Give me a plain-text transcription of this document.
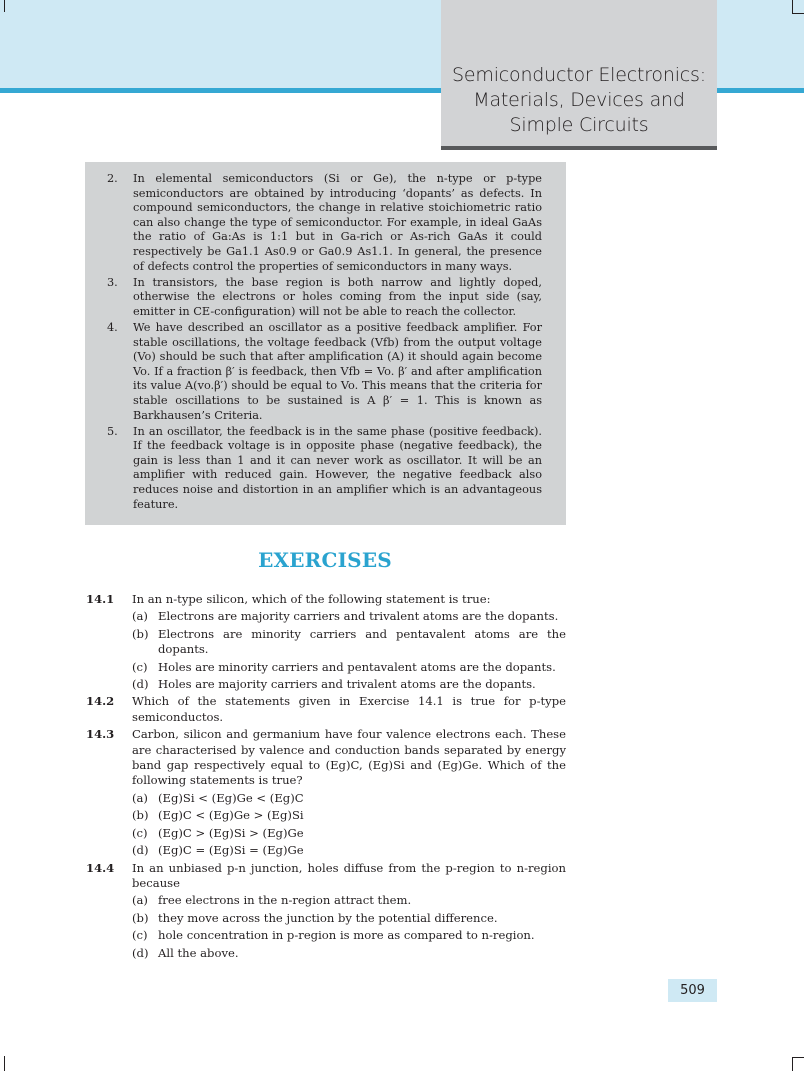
Semiconductor Electronics:
Materials, Devices and
Simple Circuits
2.	In elemental semiconductors (Si or Ge), the n-type or p-type semiconductors are obtained by introducing ‘dopants’ as defects. In compound semiconductors, the change in relative stoichiometric ratio can also change the type of semiconductor. For example, in ideal GaAs the ratio of Ga:As is 1:1 but in Ga-rich or As-rich GaAs it could respectively be Ga1.1 As0.9 or Ga0.9 As1.1. In general, the presence of defects control the properties of semiconductors in many ways.
3.	In transistors, the base region is both narrow and lightly doped, otherwise the electrons or holes coming from the input side (say, emitter in CE-configuration) will not be able to reach the collector.
4.	We have described an oscillator as a positive feedback amplifier. For stable oscillations, the voltage feedback (Vfb) from the output voltage (Vo) should be such that after amplification (A) it should again become Vo. If a fraction β′ is feedback, then Vfb = Vo. β′ and after amplification its value A(vo.β′) should be equal to Vo. This means that the criteria for stable oscillations to be sustained is A β′ = 1. This is known as Barkhausen’s Criteria.
5.	In an oscillator, the feedback is in the same phase (positive feedback). If the feedback voltage is in opposite phase (negative feedback), the gain is less than 1 and it can never work as oscillator. It will be an amplifier with reduced gain. However, the negative feedback also reduces noise and distortion in an amplifier which is an advantageous feature.
EXERCISES
14.1	In an n-type silicon, which of the following statement is true:
(a) Electrons are majority carriers and trivalent atoms are the dopants.
(b) Electrons are minority carriers and pentavalent atoms are the dopants.
(c) Holes are minority carriers and pentavalent atoms are the dopants.
(d) Holes are majority carriers and trivalent atoms are the dopants.
14.2	Which of the statements given in Exercise 14.1 is true for p-type semiconductos.
14.3	Carbon, silicon and germanium have four valence electrons each. These are characterised by valence and conduction bands separated by energy band gap respectively equal to (Eg)C, (Eg)Si and (Eg)Ge. Which of the following statements is true?
(a) (Eg)Si < (Eg)Ge < (Eg)C
(b) (Eg)C < (Eg)Ge > (Eg)Si
(c) (Eg)C > (Eg)Si > (Eg)Ge
(d) (Eg)C = (Eg)Si = (Eg)Ge
14.4	In an unbiased p-n junction, holes diffuse from the p-region to n-region because
(a) free electrons in the n-region attract them.
(b) they move across the junction by the potential difference.
(c) hole concentration in p-region is more as compared to n-region.
(d) All the above.
509
